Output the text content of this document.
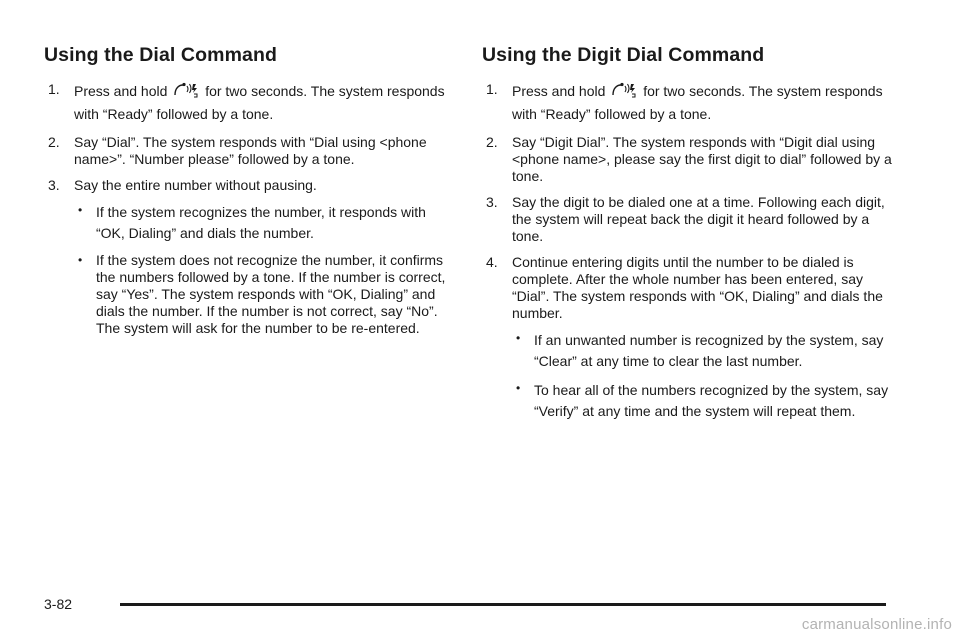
Using the Dial Command
1. Press and hold	for two seconds. The system responds with “Ready” followed by a tone.

2. Say “Dial”. The system responds with “Dial using <phone name>”. “Number please” followed by a tone.

3. Say the entire number without pausing.

• If the system recognizes the number, it responds with “OK, Dialing” and dials the number.

• If the system does not recognize the number, it confirms the numbers followed by a tone. If the number is correct, say “Yes”. The system responds with “OK, Dialing” and dials the number. If the number is not correct, say “No”. The system will ask for the number to be re-entered.

Using the Digit Dial Command
1. Press and hold	for two seconds. The system responds with “Ready” followed by a tone.

2. Say “Digit Dial”. The system responds with “Digit dial using <phone name>, please say the first digit to dial” followed by a tone.

3. Say the digit to be dialed one at a time. Following each digit, the system will repeat back the digit it heard followed by a tone.

4. Continue entering digits until the number to be dialed is complete. After the whole number has been entered, say “Dial”. The system responds with “OK, Dialing” and dials the number.

• If an unwanted number is recognized by the system, say “Clear” at any time to clear the last number.

• To hear all of the numbers recognized by the system, say “Verify” at any time and the system will repeat them.

3-82
carmanualsonline.info
